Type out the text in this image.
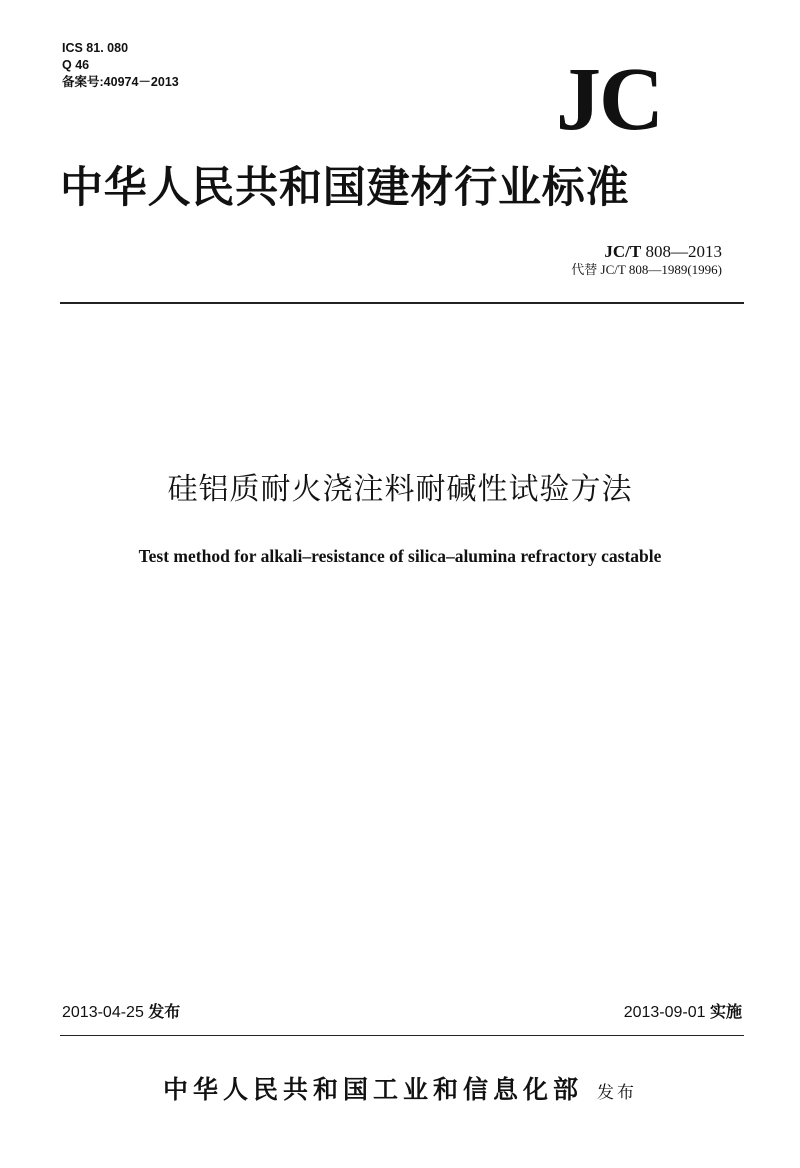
ICS 81. 080
Q 46
备案号:40974－2013	JC
中华人民共和国建材行业标准
JC/T 808—2013
代替 JC/T 808—1989(1996)
硅铝质耐火浇注料耐碱性试验方法
Test method for alkali–resistance of silica–alumina refractory castable
2013-04-25 发布	2013-09-01 实施
中华人民共和国工业和信息化部 发布
